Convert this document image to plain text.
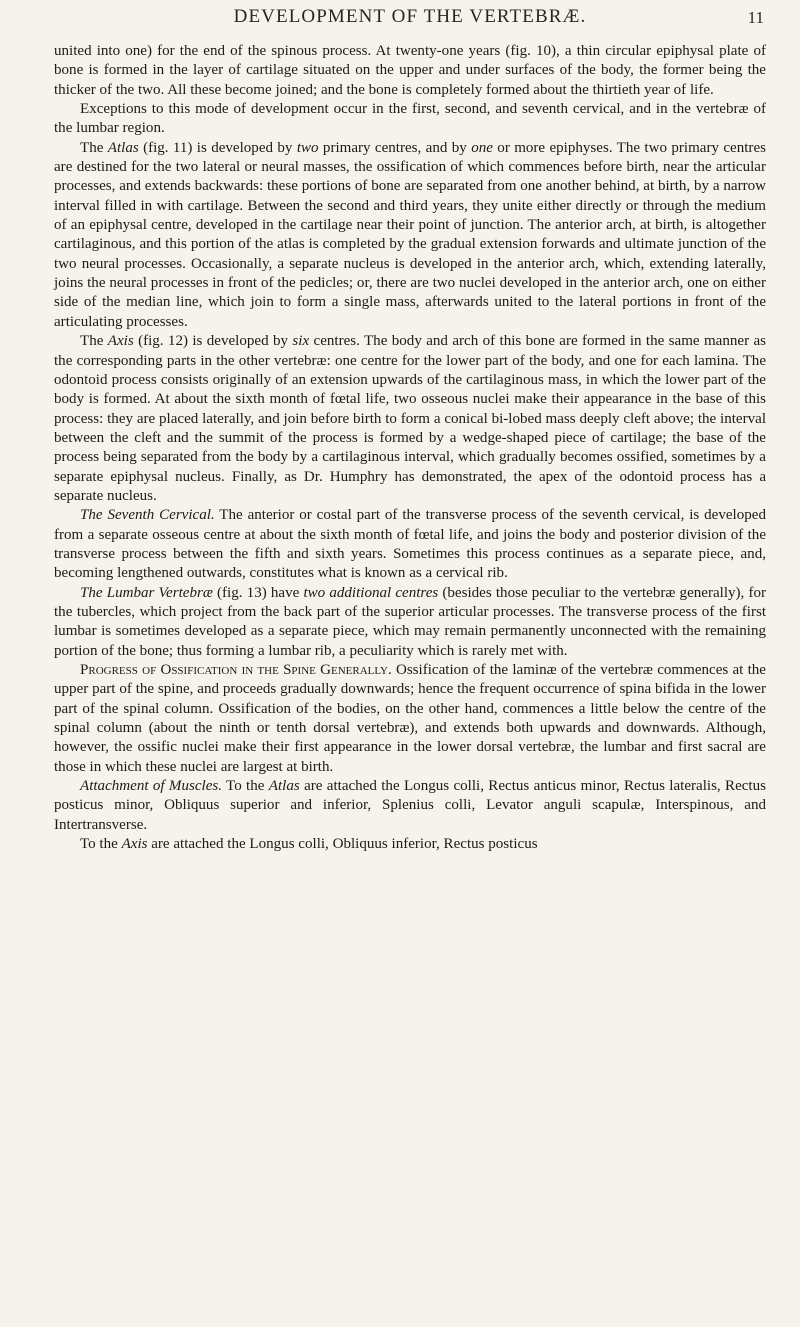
DEVELOPMENT OF THE VERTEBRÆ.	11

united into one) for the end of the spinous process. At twenty-one years (fig. 10), a thin circular epiphysal plate of bone is formed in the layer of cartilage situated on the upper and under surfaces of the body, the former being the thicker of the two. All these become joined; and the bone is completely formed about the thirtieth year of life.

Exceptions to this mode of development occur in the first, second, and seventh cervical, and in the vertebræ of the lumbar region.

The Atlas (fig. 11) is developed by two primary centres, and by one or more epiphyses. The two primary centres are destined for the two lateral or neural masses, the ossification of which commences before birth, near the articular processes, and extends backwards: these portions of bone are separated from one another behind, at birth, by a narrow interval filled in with cartilage. Between the second and third years, they unite either directly or through the medium of an epiphysal centre, developed in the cartilage near their point of junction. The anterior arch, at birth, is altogether cartilaginous, and this portion of the atlas is completed by the gradual extension forwards and ultimate junction of the two neural processes. Occasionally, a separate nucleus is developed in the anterior arch, which, extending laterally, joins the neural processes in front of the pedicles; or, there are two nuclei developed in the anterior arch, one on either side of the median line, which join to form a single mass, afterwards united to the lateral portions in front of the articulating processes.

The Axis (fig. 12) is developed by six centres. The body and arch of this bone are formed in the same manner as the corresponding parts in the other vertebræ: one centre for the lower part of the body, and one for each lamina. The odontoid process consists originally of an extension upwards of the cartilaginous mass, in which the lower part of the body is formed. At about the sixth month of fœtal life, two osseous nuclei make their appearance in the base of this process: they are placed laterally, and join before birth to form a conical bi-lobed mass deeply cleft above; the interval between the cleft and the summit of the process is formed by a wedge-shaped piece of cartilage; the base of the process being separated from the body by a cartilaginous interval, which gradually becomes ossified, sometimes by a separate epiphysal nucleus. Finally, as Dr. Humphry has demonstrated, the apex of the odontoid process has a separate nucleus.

The Seventh Cervical. The anterior or costal part of the transverse process of the seventh cervical, is developed from a separate osseous centre at about the sixth month of fœtal life, and joins the body and posterior division of the transverse process between the fifth and sixth years. Sometimes this process continues as a separate piece, and, becoming lengthened outwards, constitutes what is known as a cervical rib.

The Lumbar Vertebræ (fig. 13) have two additional centres (besides those peculiar to the vertebræ generally), for the tubercles, which project from the back part of the superior articular processes. The transverse process of the first lumbar is sometimes developed as a separate piece, which may remain permanently unconnected with the remaining portion of the bone; thus forming a lumbar rib, a peculiarity which is rarely met with.

Progress of Ossification in the Spine Generally. Ossification of the laminæ of the vertebræ commences at the upper part of the spine, and proceeds gradually downwards; hence the frequent occurrence of spina bifida in the lower part of the spinal column. Ossification of the bodies, on the other hand, commences a little below the centre of the spinal column (about the ninth or tenth dorsal vertebræ), and extends both upwards and downwards. Although, however, the ossific nuclei make their first appearance in the lower dorsal vertebræ, the lumbar and first sacral are those in which these nuclei are largest at birth.

Attachment of Muscles. To the Atlas are attached the Longus colli, Rectus anticus minor, Rectus lateralis, Rectus posticus minor, Obliquus superior and inferior, Splenius colli, Levator anguli scapulæ, Interspinous, and Intertransverse.

To the Axis are attached the Longus colli, Obliquus inferior, Rectus posticus
